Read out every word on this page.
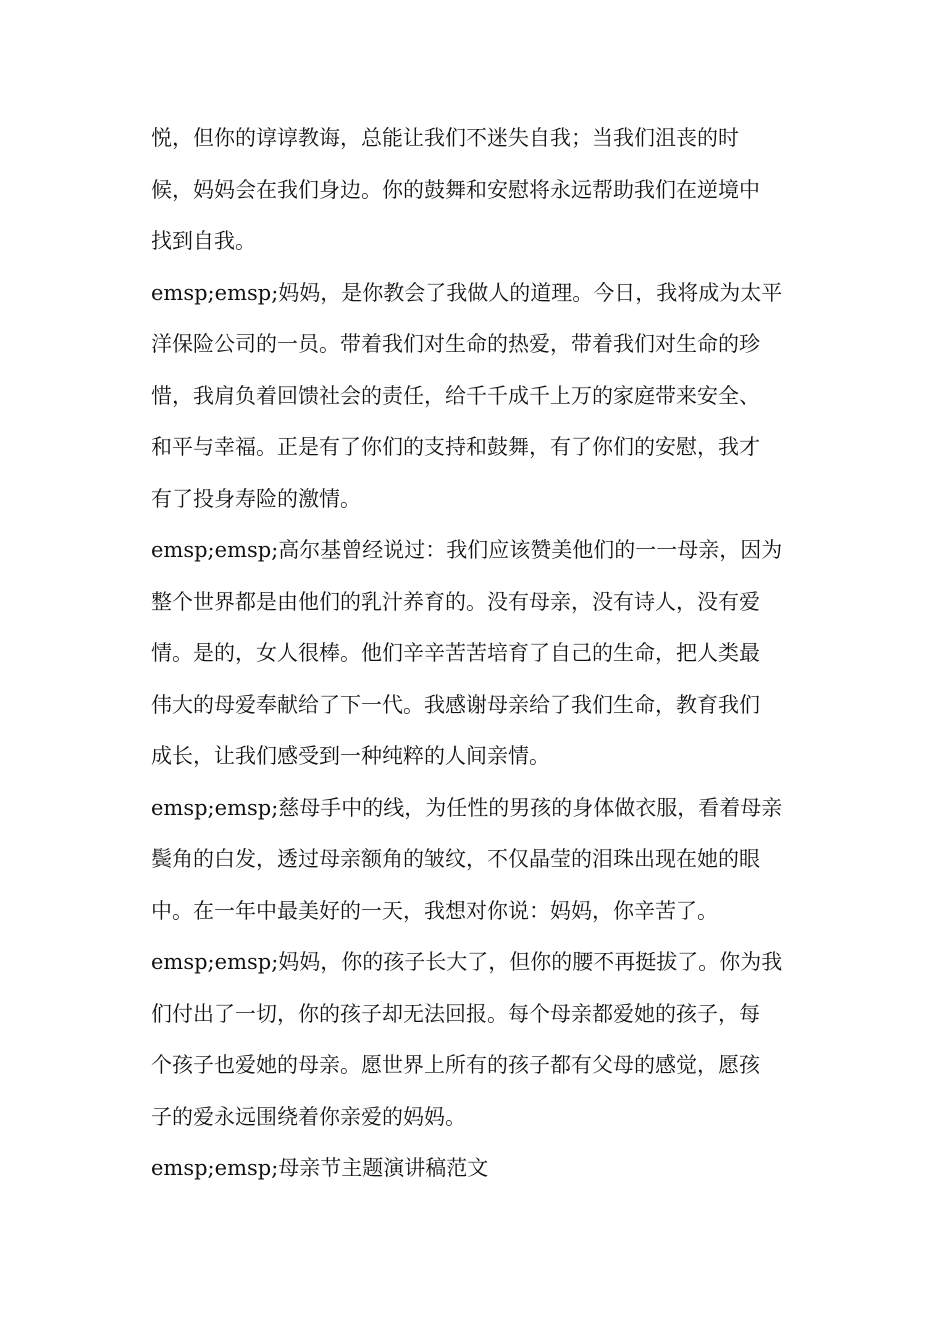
悦，但你的谆谆教诲，总能让我们不迷失自我；当我们沮丧的时
候，妈妈会在我们身边。你的鼓舞和安慰将永远帮助我们在逆境中
找到自我。
emsp;emsp;妈妈，是你教会了我做人的道理。今日，我将成为太平
洋保险公司的一员。带着我们对生命的热爱，带着我们对生命的珍
惜，我肩负着回馈社会的责任，给千千成千上万的家庭带来安全、
和平与幸福。正是有了你们的支持和鼓舞，有了你们的安慰，我才
有了投身寿险的激情。
emsp;emsp;高尔基曾经说过：我们应该赞美他们的一一母亲，因为
整个世界都是由他们的乳汁养育的。没有母亲，没有诗人，没有爱
情。是的，女人很棒。他们辛辛苦苦培育了自己的生命，把人类最
伟大的母爱奉献给了下一代。我感谢母亲给了我们生命，教育我们
成长，让我们感受到一种纯粹的人间亲情。
emsp;emsp;慈母手中的线，为任性的男孩的身体做衣服，看着母亲
鬓角的白发，透过母亲额角的皱纹，不仅晶莹的泪珠出现在她的眼
中。在一年中最美好的一天，我想对你说：妈妈，你辛苦了。
emsp;emsp;妈妈，你的孩子长大了，但你的腰不再挺拔了。你为我
们付出了一切，你的孩子却无法回报。每个母亲都爱她的孩子，每
个孩子也爱她的母亲。愿世界上所有的孩子都有父母的感觉，愿孩
子的爱永远围绕着你亲爱的妈妈。
emsp;emsp;母亲节主题演讲稿范文
